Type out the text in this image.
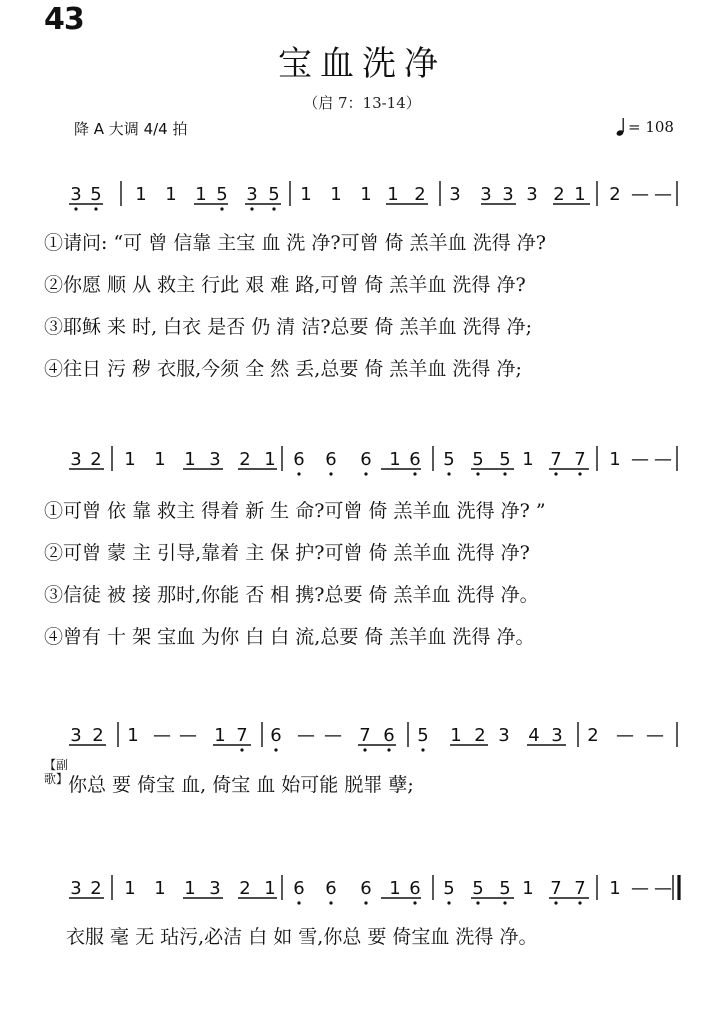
43
宝血洗净
（启 7：13-14）
降 A 大调 4/4 拍	= 108
3 5 1 1 1 5 3 5 1 1 1 1 2 3 3 3 3 2 1 2 — —
①请问: “可 曾 信靠 主宝 血 洗 净?可曾 倚 羔羊血 洗得 净?
②你愿 顺 从 救主 行此 艰 难 路,可曾 倚 羔羊血 洗得 净?
③耶稣 来 时, 白衣 是否 仍 清 洁?总要 倚 羔羊血 洗得 净;
④往日 污 秽 衣服,今须 全 然 丢,总要 倚 羔羊血 洗得 净;
3 2 1 1 1 3 2 1 6 6 6 1 6 5 5 5 1 7 7 1 — —
①可曾 依 靠 救主 得着 新 生 命?可曾 倚 羔羊血 洗得 净? ”
②可曾 蒙 主 引导,靠着 主 保 护?可曾 倚 羔羊血 洗得 净?
③信徒 被 接 那时,你能 否 相 携?总要 倚 羔羊血 洗得 净。
④曾有 十 架 宝血 为你 白 白 流,总要 倚 羔羊血 洗得 净。
3 2 1 — — 1 7 6 — — 7 6 5 1 2 3 4 3 2 — —
【副歌】 你总 要 倚宝 血, 倚宝 血 始可能 脱罪 孽;
3 2 1 1 1 3 2 1 6 6 6 1 6 5 5 5 1 7 7 1 — —
衣服 毫 无 玷污,必洁 白 如 雪,你总 要 倚宝血 洗得 净。
